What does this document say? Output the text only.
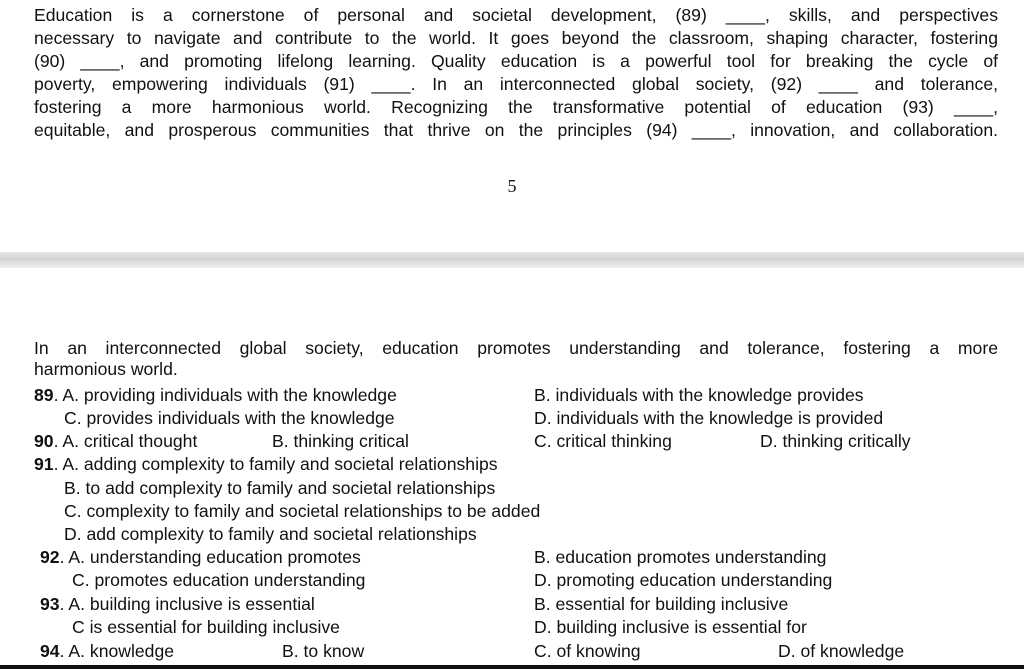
Education is a cornerstone of personal and societal development, (89) ____, skills, and perspectives
necessary to navigate and contribute to the world. It goes beyond the classroom, shaping character, fostering
(90) ____, and promoting lifelong learning. Quality education is a powerful tool for breaking the cycle of
poverty, empowering individuals (91) ____. In an interconnected global society, (92) ____ and tolerance,
fostering a more harmonious world. Recognizing the transformative potential of education (93) ____,
equitable, and prosperous communities that thrive on the principles (94) ____, innovation, and collaboration.
5
In an interconnected global society, education promotes understanding and tolerance, fostering a more
harmonious world.
89. A. providing individuals with the knowledge	B. individuals with the knowledge provides
C. provides individuals with the knowledge	D. individuals with the knowledge is provided
90. A. critical thought	B. thinking critical	C. critical thinking	D. thinking critically
91. A. adding complexity to family and societal relationships
B. to add complexity to family and societal relationships
C. complexity to family and societal relationships to be added
D. add complexity to family and societal relationships
92. A. understanding education promotes	B. education promotes understanding
C. promotes education understanding	D. promoting education understanding
93. A. building inclusive is essential	B. essential for building inclusive
C is essential for building inclusive	D. building inclusive is essential for
94. A. knowledge	B. to know	C. of knowing	D. of knowledge
